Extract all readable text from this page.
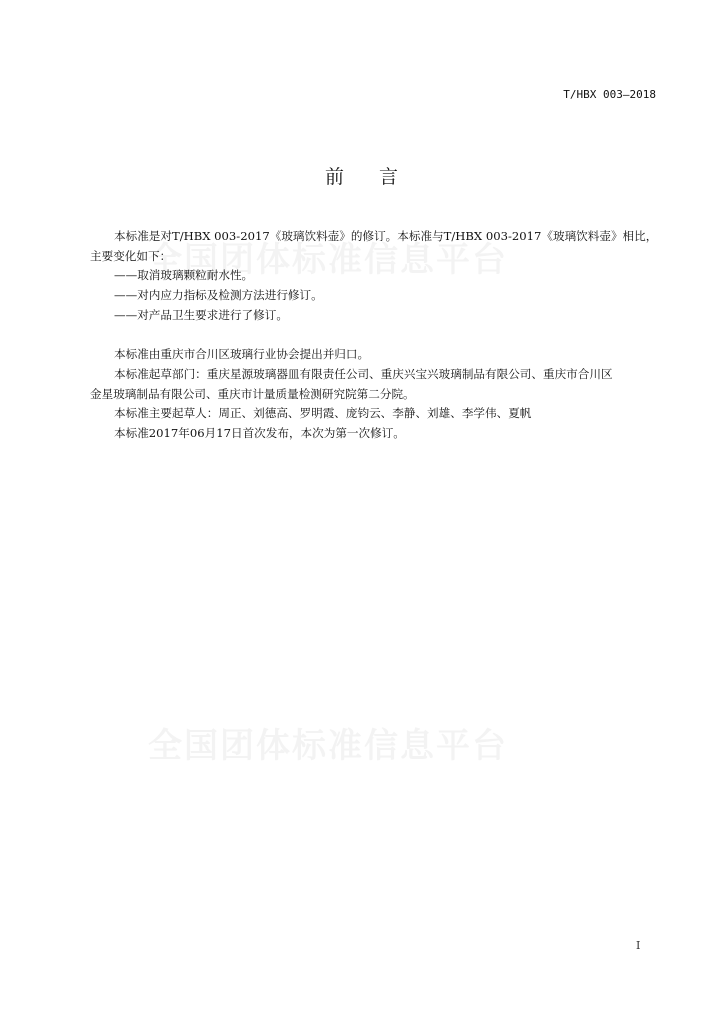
T/HBX 003—2018
前 言

本标准是对T/HBX 003-2017《玻璃饮料壶》的修订。本标准与T/HBX 003-2017《玻璃饮料壶》相比，

主要变化如下：

——取消玻璃颗粒耐水性。

——对内应力指标及检测方法进行修订。

——对产品卫生要求进行了修订。

本标准由重庆市合川区玻璃行业协会提出并归口。

本标准起草部门：重庆星源玻璃器皿有限责任公司、重庆兴宝兴玻璃制品有限公司、重庆市合川区

金星玻璃制品有限公司、重庆市计量质量检测研究院第二分院。

本标准主要起草人：周正、刘德高、罗明霞、庞钧云、李静、刘雄、李学伟、夏帆

本标准2017年06月17日首次发布，本次为第一次修订。

I
